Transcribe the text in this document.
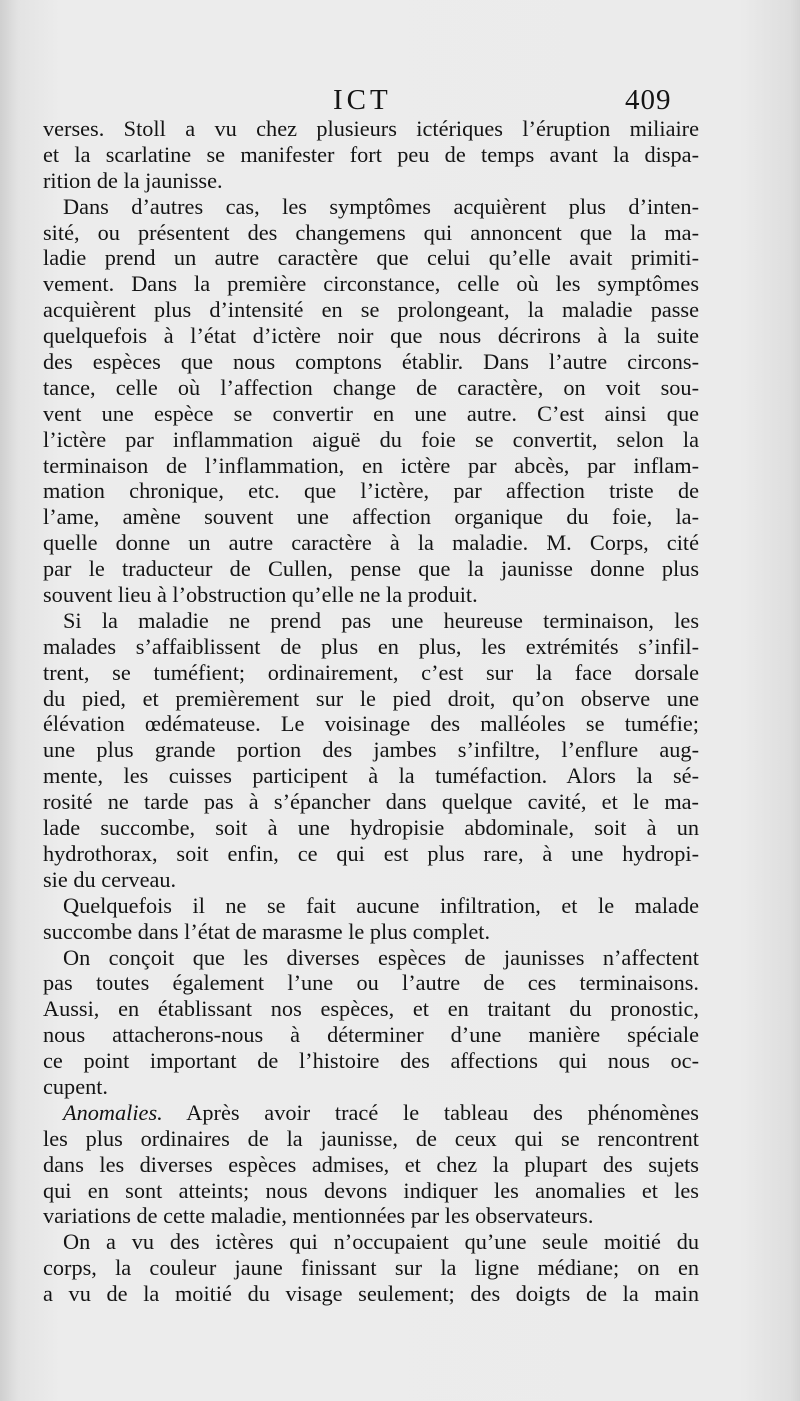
ICT	409
verses. Stoll a vu chez plusieurs ictériques l’éruption miliaire
et la scarlatine se manifester fort peu de temps avant la dispa-
rition de la jaunisse.
Dans d’autres cas, les symptômes acquièrent plus d’inten-
sité, ou présentent des changemens qui annoncent que la ma-
ladie prend un autre caractère que celui qu’elle avait primiti-
vement. Dans la première circonstance, celle où les symptômes
acquièrent plus d’intensité en se prolongeant, la maladie passe
quelquefois à l’état d’ictère noir que nous décrirons à la suite
des espèces que nous comptons établir. Dans l’autre circons-
tance, celle où l’affection change de caractère, on voit sou-
vent une espèce se convertir en une autre. C’est ainsi que
l’ictère par inflammation aiguë du foie se convertit, selon la
terminaison de l’inflammation, en ictère par abcès, par inflam-
mation chronique, etc. que l’ictère, par affection triste de
l’ame, amène souvent une affection organique du foie, la-
quelle donne un autre caractère à la maladie. M. Corps, cité
par le traducteur de Cullen, pense que la jaunisse donne plus
souvent lieu à l’obstruction qu’elle ne la produit.
Si la maladie ne prend pas une heureuse terminaison, les
malades s’affaiblissent de plus en plus, les extrémités s’infil-
trent, se tuméfient; ordinairement, c’est sur la face dorsale
du pied, et premièrement sur le pied droit, qu’on observe une
élévation œdémateuse. Le voisinage des malléoles se tuméfie;
une plus grande portion des jambes s’infiltre, l’enflure aug-
mente, les cuisses participent à la tuméfaction. Alors la sé-
rosité ne tarde pas à s’épancher dans quelque cavité, et le ma-
lade succombe, soit à une hydropisie abdominale, soit à un
hydrothorax, soit enfin, ce qui est plus rare, à une hydropi-
sie du cerveau.
Quelquefois il ne se fait aucune infiltration, et le malade
succombe dans l’état de marasme le plus complet.
On conçoit que les diverses espèces de jaunisses n’affectent
pas toutes également l’une ou l’autre de ces terminaisons.
Aussi, en établissant nos espèces, et en traitant du pronostic,
nous attacherons-nous à déterminer d’une manière spéciale
ce point important de l’histoire des affections qui nous oc-
cupent.
Anomalies. Après avoir tracé le tableau des phénomènes
les plus ordinaires de la jaunisse, de ceux qui se rencontrent
dans les diverses espèces admises, et chez la plupart des sujets
qui en sont atteints; nous devons indiquer les anomalies et les
variations de cette maladie, mentionnées par les observateurs.
On a vu des ictères qui n’occupaient qu’une seule moitié du
corps, la couleur jaune finissant sur la ligne médiane; on en
a vu de la moitié du visage seulement; des doigts de la main
